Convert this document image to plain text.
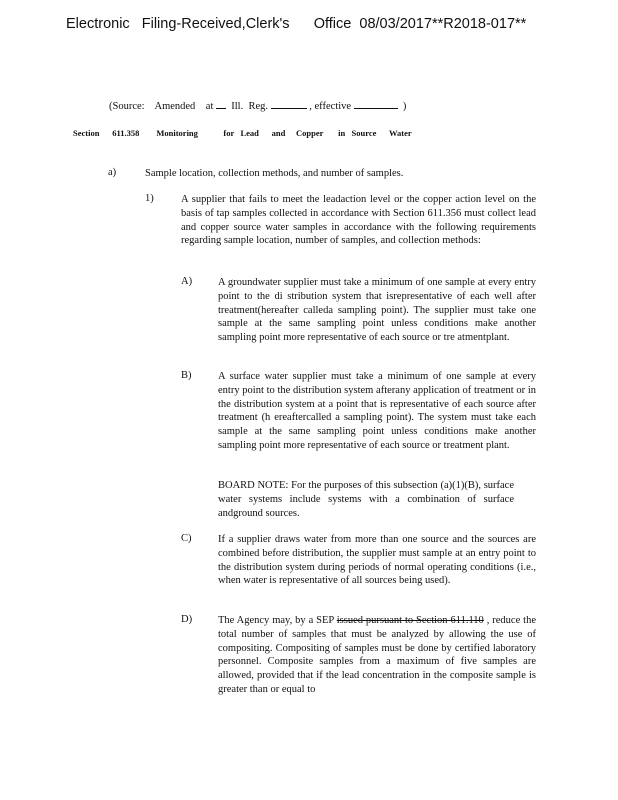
Electronic   Filing-Received,Clerk's      Office  08/03/2017**R2018-017**
(Source:    Amended    at   Ill.  Reg.	, effective	)
Section      611.358        Monitoring            for   Lead      and     Copper       in   Source      Water
a)	Sample location, collection methods, and number of samples.
1)	A supplier that fails to meet the leadaction level or the copper action level on the basis of tap samples collected in accordance with Section 611.356 must collect lead and copper source water samples in accordance with the following requirements regarding sample location, number of samples, and collection methods:
A) A groundwater supplier must take a minimum of one sample at every entry point to the di stribution system that isrepresentative of each well after treatment(hereafter calleda sampling point). The supplier must take one sample at the same sampling point unless conditions make another sampling point more representative of each source or tre atmentplant.
B)	A surface water supplier must take a minimum of one sample at every entry point to the distribution system afterany application of treatment or in the distribution system at a point that is representative of each source after treatment (h ereaftercalled a sampling point). The system must take each sample at the same sampling point unless conditions make another sampling point more representative of each source or treatment plant.
BOARD NOTE: For the purposes of this subsection (a)(1)(B), surface water systems include systems with a combination of surface andground sources.
C)	If a supplier draws water from more than one source and the sources are combined before distribution, the supplier must sample at an entry point to the distribution system during periods of normal operating conditions (i.e., when water is representative of all sources being used).
D) The Agency may, by a SEP issued pursuant to Section 611.110 , reduce the total number of samples that must be analyzed by allowing the use of compositing. Compositing of samples must be done by certified laboratory personnel. Composite samples from a maximum of five samples are allowed, provided that if the lead concentration in the composite sample is greater than or equal to
